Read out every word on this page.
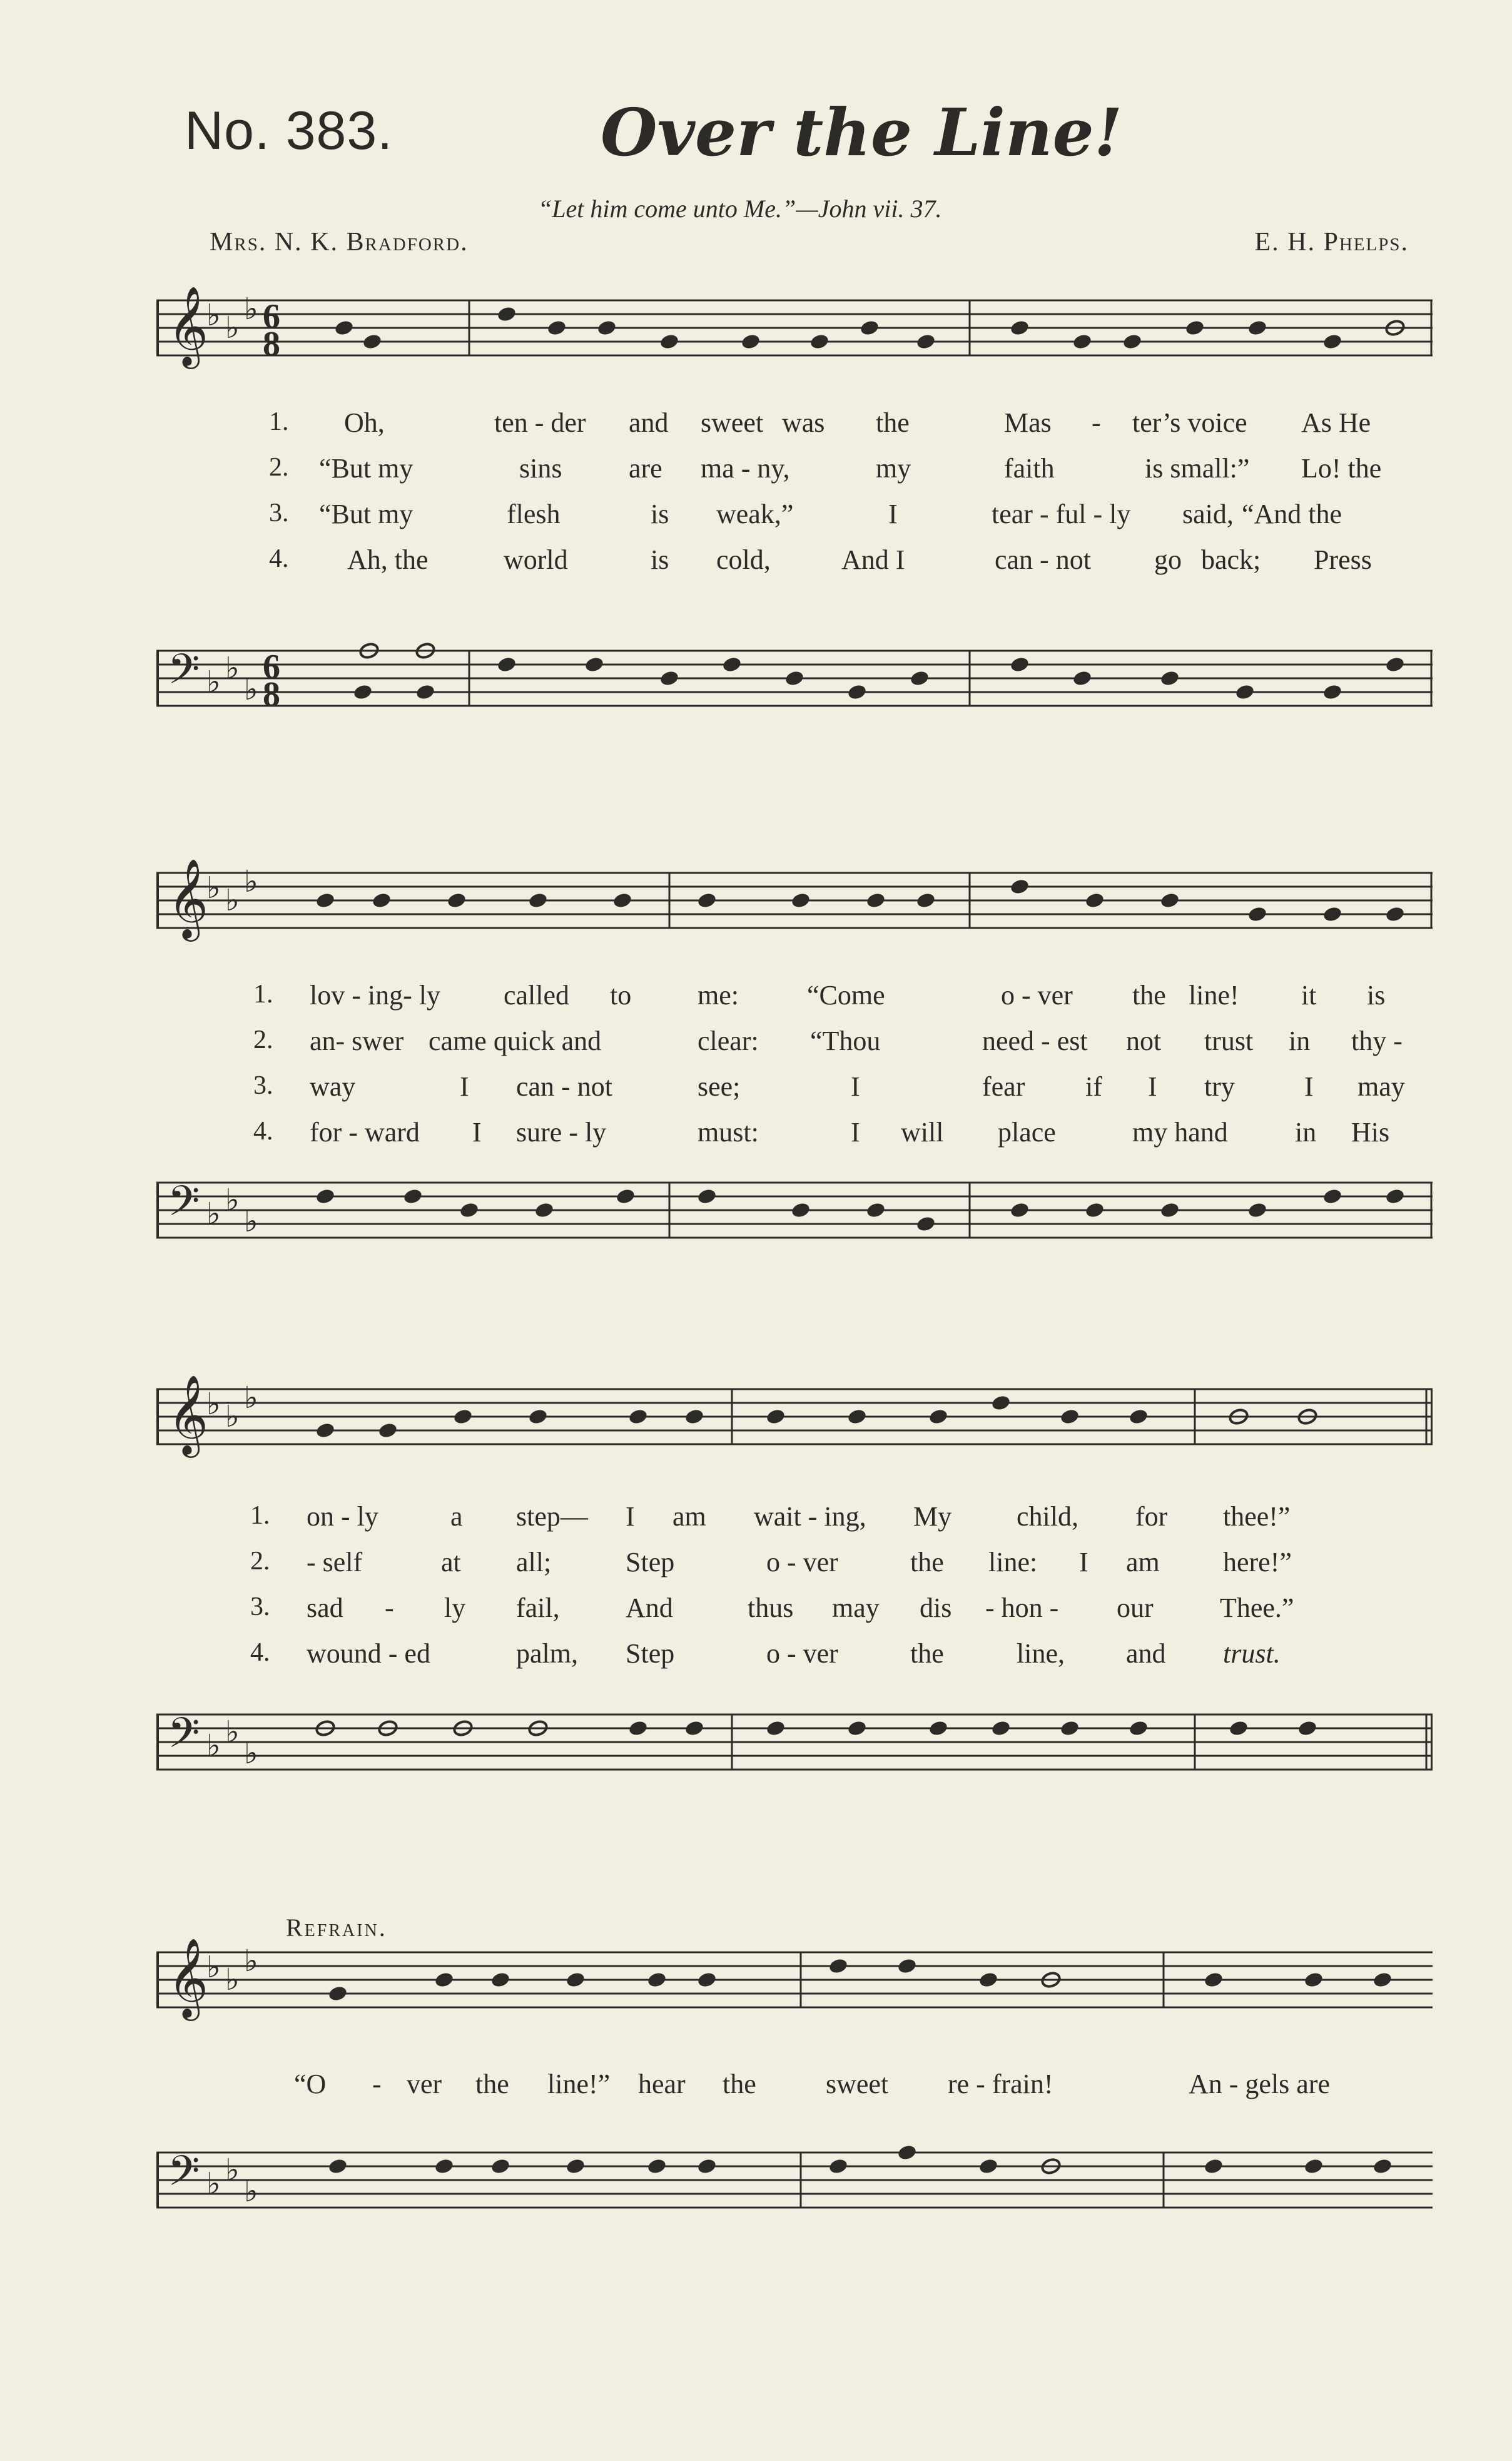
No. 383.	Over the Line!
“Let him come unto Me.”—John vii. 37.
Mrs. N. K. Bradford.	E. H. Phelps.
𝄞
♭ ♭
♭ 6
8
1. Oh,	ten - der and sweet was the	Mas - ter’s voice As He
2. “But my	sins are ma - ny,	my	faith	is small:” Lo! the
3. “But my	flesh	is weak,”	I	tear - ful - ly said, “And the
4. Ah, the	world	is cold,	And I	can - not go back; Press
𝄢 ♭ ♭
♭
6
8
𝄞
♭ ♭
♭
1. lov - ing- ly called to me: “Come	o - ver the line! it is
2. an- swer came quick and	clear: “Thou	need - est not trust in thy -
3. way	I can - not	see;	I	fear if I try	I may
4. for - ward I sure - ly	must:	I will place	my hand in His
𝄢 ♭ ♭
♭
𝄞
♭ ♭
♭
1. on - ly	a step— I am wait - ing, My child, for thee!”
2. - self	at all;	Step	o - ver	the line: I am here!”
3. sad - ly fail, And	thus may dis - hon - our Thee.”
4. wound - ed	palm, Step	o - ver	the	line, and trust.
𝄢 ♭ ♭
♭
Refrain.
𝄞
♭ ♭
♭
“O - ver the line!” hear the	sweet re - frain!	An - gels are
𝄢 ♭ ♭
♭
